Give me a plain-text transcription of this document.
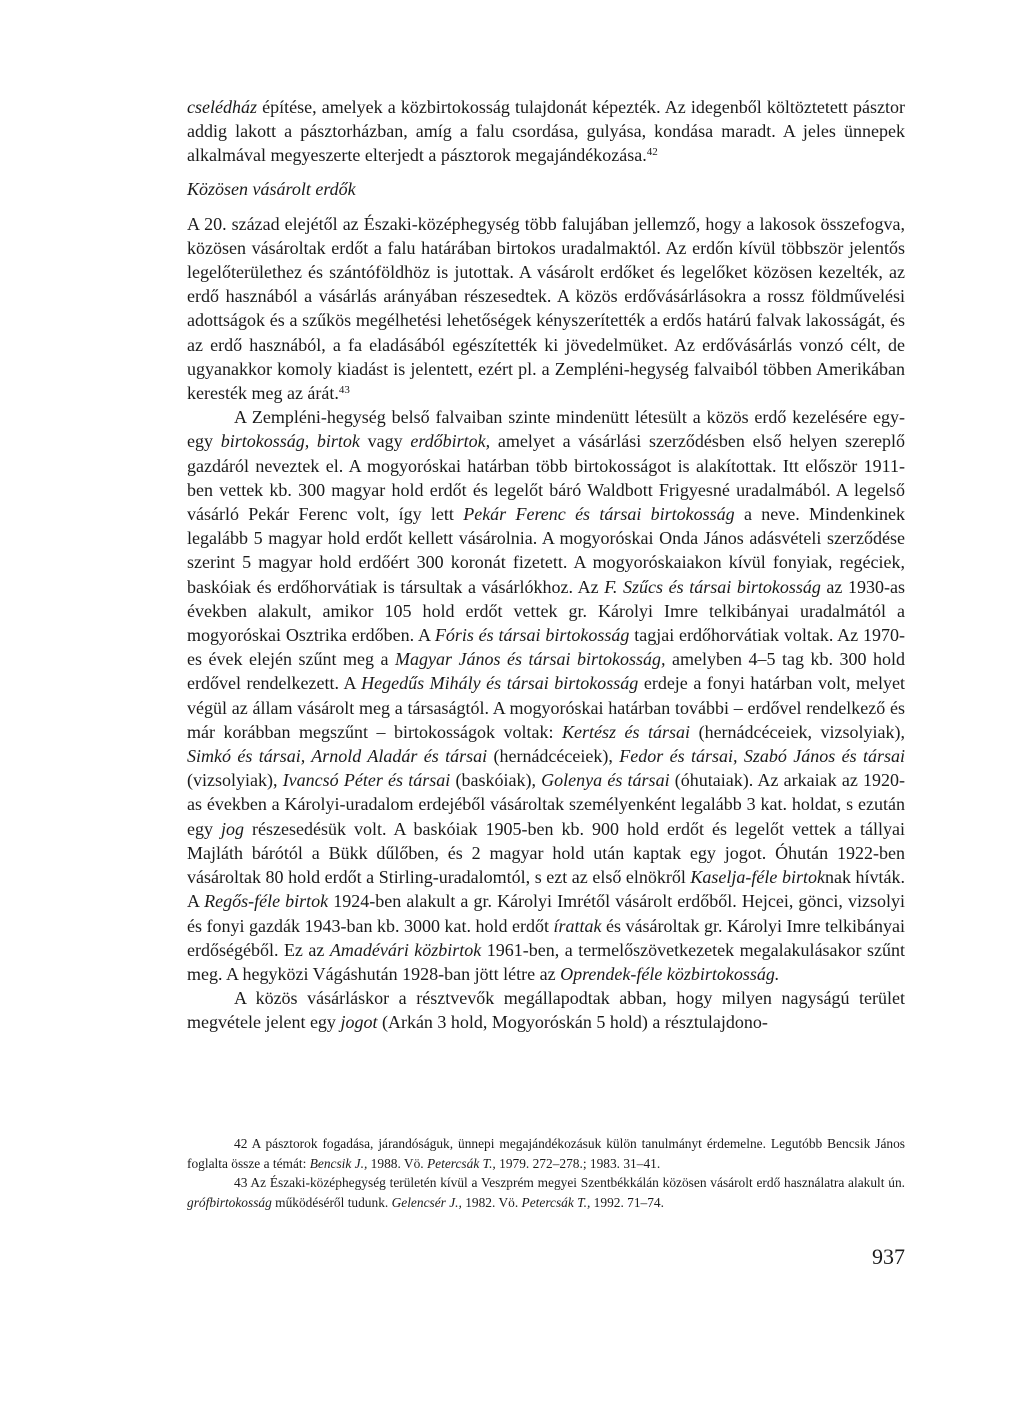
cselédház építése, amelyek a közbirtokosság tulajdonát képezték. Az idegenből költöztetett pásztor addig lakott a pásztorházban, amíg a falu csordása, gulyása, kondása maradt. A jeles ünnepek alkalmával megyeszerte elterjedt a pásztorok megajándékozása.$^{42}$

Közösen vásárolt erdők

A 20. század elejétől az Északi-középhegység több falujában jellemző, hogy a lakosok összefogva, közösen vásároltak erdőt a falu határában birtokos uradalmaktól. Az erdőn kívül többször jelentős legelőterülethez és szántóföldhöz is jutottak. A vásárolt erdőket és legelőket közösen kezelték, az erdő hasznából a vásárlás arányában részesedtek. A közös erdővásárlásokra a rossz földművelési adottságok és a szűkös megélhetési lehetőségek kényszerítették a erdős határú falvak lakosságát, és az erdő hasznából, a fa eladásából egészítették ki jövedelmüket. Az erdővásárlás vonzó célt, de ugyanakkor komoly kiadást is jelentett, ezért pl. a Zempléni-hegység falvaiból többen Amerikában keresték meg az árát.$^{43}$

A Zempléni-hegység belső falvaiban szinte mindenütt létesült a közös erdő kezelésére egy-egy birtokosság, birtok vagy erdőbirtok, amelyet a vásárlási szerződésben első helyen szereplő gazdáról neveztek el. A mogyoróskai határban több birtokosságot is alakítottak. Itt először 1911-ben vettek kb. 300 magyar hold erdőt és legelőt báró Waldbott Frigyesné uradalmából. A legelső vásárló Pekár Ferenc volt, így lett Pekár Ferenc és társai birtokosság a neve. Mindenkinek legalább 5 magyar hold erdőt kellett vásárolnia. A mogyoróskai Onda János adásvételi szerződése szerint 5 magyar hold erdőért 300 koronát fizetett. A mogyoróskaiakon kívül fonyiak, regéciek, baskóiak és erdőhorvátiak is társultak a vásárlókhoz. Az F. Szűcs és társai birtokosság az 1930-as években alakult, amikor 105 hold erdőt vettek gr. Károlyi Imre telkibányai uradalmától a mogyoróskai Osztrika erdőben. A Fóris és társai birtokosság tagjai erdőhorvátiak voltak. Az 1970-es évek elején szűnt meg a Magyar János és társai birtokosság, amelyben 4–5 tag kb. 300 hold erdővel rendelkezett. A Hegedűs Mihály és társai birtokosság erdeje a fonyi határban volt, melyet végül az állam vásárolt meg a társaságtól. A mogyoróskai határban további – erdővel rendelkező és már korábban megszűnt – birtokosságok voltak: Kertész és társai (hernádcéceiek, vizsolyiak), Simkó és társai, Arnold Aladár és társai (hernádcéceiek), Fedor és társai, Szabó János és társai (vizsolyiak), Ivancsó Péter és társai (baskóiak), Golenya és társai (óhutaiak). Az arkaiak az 1920-as években a Károlyi-uradalom erdejéből vásároltak személyenként legalább 3 kat. holdat, s ezután egy jog részesedésük volt. A baskóiak 1905-ben kb. 900 hold erdőt és legelőt vettek a tállyai Majláth bárótól a Bükk dűlőben, és 2 magyar hold után kaptak egy jogot. Óhután 1922-ben vásároltak 80 hold erdőt a Stirling-uradalomtól, s ezt az első elnökről Kaselja-féle birtoknak hívták. A Regős-féle birtok 1924-ben alakult a gr. Károlyi Imrétől vásárolt erdőből. Hejcei, gönci, vizsolyi és fonyi gazdák 1943-ban kb. 3000 kat. hold erdőt írattak és vásároltak gr. Károlyi Imre telkibányai erdőségéből. Ez az Amadévári közbirtok 1961-ben, a termelőszövetkezetek megalakulásakor szűnt meg. A hegyközi Vágáshután 1928-ban jött létre az Oprendek-féle közbirtokosság.

A közös vásárláskor a résztvevők megállapodtak abban, hogy milyen nagyságú terület megvétele jelent egy jogot (Arkán 3 hold, Mogyoróskán 5 hold) a résztulajdono-

42 A pásztorok fogadása, járandóságuk, ünnepi megajándékozásuk külön tanulmányt érdemelne. Legutóbb Bencsik János foglalta össze a témát: Bencsik J., 1988. Vö. Petercsák T., 1979. 272–278.; 1983. 31–41.

43 Az Északi-középhegység területén kívül a Veszprém megyei Szentbékkálán közösen vásárolt erdő használatra alakult ún. grófbirtokosság működéséről tudunk. Gelencsér J., 1982. Vö. Petercsák T., 1992. 71–74.

937
